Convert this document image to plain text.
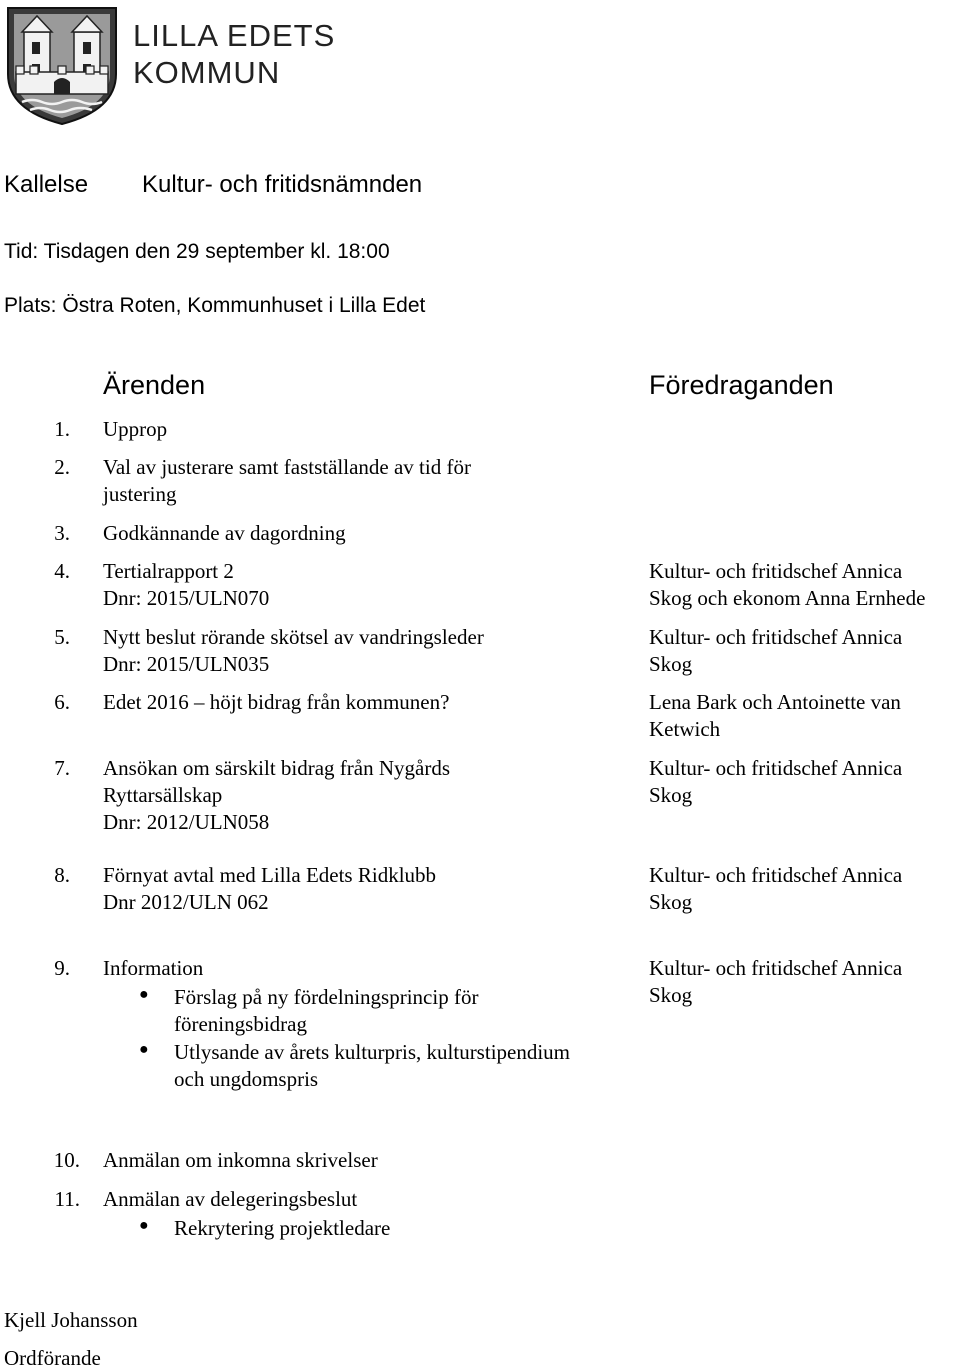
LILLA EDETS
KOMMUN
Kallelse Kultur- och fritidsnämnden
Tid: Tisdagen den 29 september kl. 18:00
Plats: Östra Roten, Kommunhuset i Lilla Edet
Ärenden	Föredraganden
1. Upprop
2. Val av justerare samt fastställande av tid för
justering
3. Godkännande av dagordning
4. Tertialrapport 2
Dnr: 2015/ULN070
Kultur- och fritidschef Annica
Skog och ekonom Anna Ernhede
5. Nytt beslut rörande skötsel av vandringsleder
Dnr: 2015/ULN035
Kultur- och fritidschef Annica
Skog
6. Edet 2016 – höjt bidrag från kommunen?	Lena Bark och Antoinette van
Ketwich
7. Ansökan om särskilt bidrag från Nygårds
Ryttarsällskap
Dnr: 2012/ULN058
Kultur- och fritidschef Annica
Skog
8. Förnyat avtal med Lilla Edets Ridklubb
Dnr 2012/ULN 062
Kultur- och fritidschef Annica
Skog
9. Information
● Förslag på ny fördelningsprincip för
föreningsbidrag
● Utlysande av årets kulturpris, kulturstipendium
och ungdomspris
Kultur- och fritidschef Annica
Skog
10. Anmälan om inkomna skrivelser
11. Anmälan av delegeringsbeslut
● Rekrytering projektledare
Kjell Johansson
Ordförande
